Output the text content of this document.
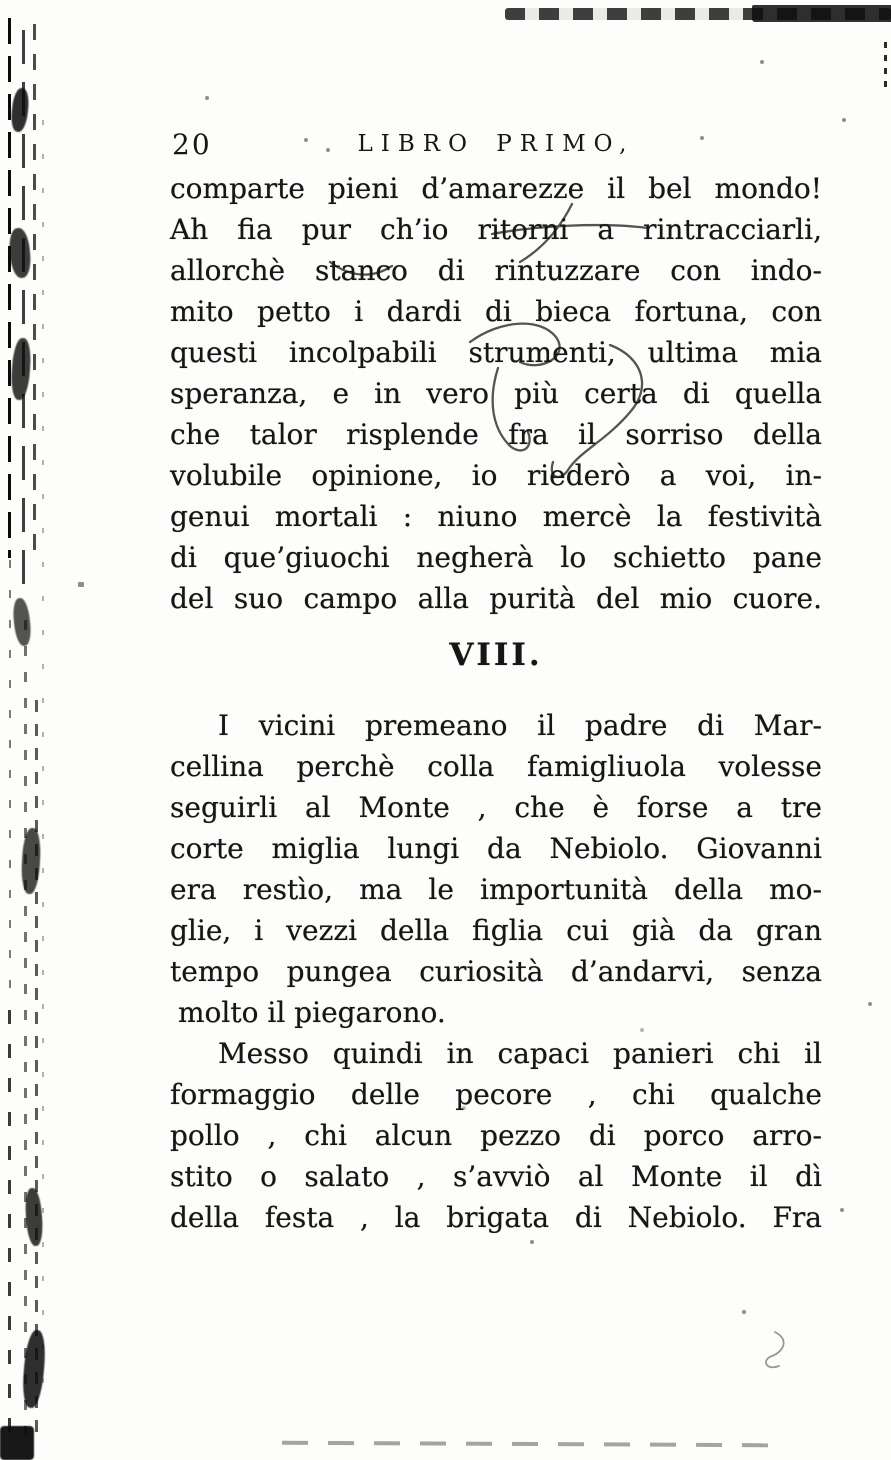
20	LIBRO PRIMO,
comparte pieni d’amarezze il bel mondo!
Ah fia pur ch’io ritorni a rintracciarli,
allorchè stanco di rintuzzare con indo-
mito petto i dardi di bieca fortuna, con
questi incolpabili strumenti, ultima mia
speranza, e in vero più certa di quella
che talor risplende fra il sorriso della
volubile opinione, io riederò a voi, in-
genui mortali : niuno mercè la festività
di que’giuochi negherà lo schietto pane
del suo campo alla purità del mio cuore.
VIII.
I vicini premeano il padre di Mar-
cellina perchè colla famigliuola volesse
seguirli al Monte , che è forse a tre
corte miglia lungi da Nebiolo. Giovanni
era restìo, ma le importunità della mo-
glie, i vezzi della figlia cui già da gran
tempo pungea curiosità d’andarvi, senza
molto il piegarono.
Messo quindi in capaci panieri chi il
formaggio delle pecore , chi qualche
pollo , chi alcun pezzo di porco arro-
stito o salato , s’avviò al Monte il dì
della festa , la brigata di Nebiolo. Fra
